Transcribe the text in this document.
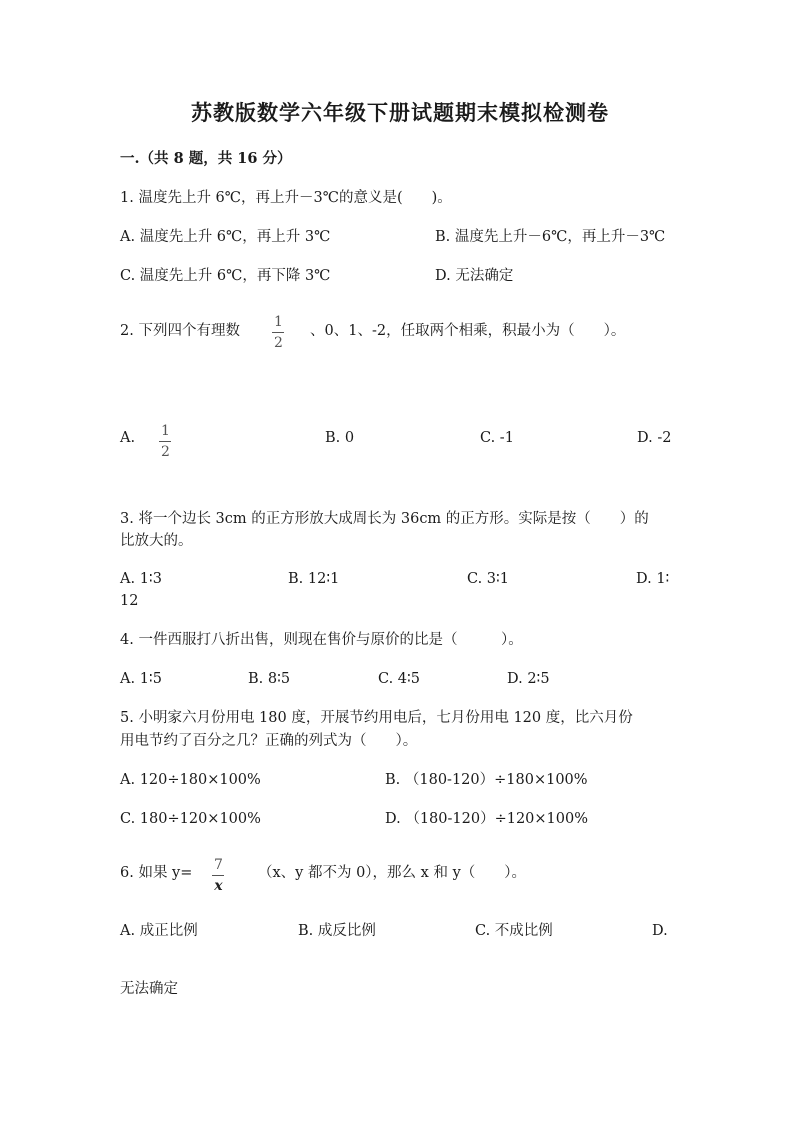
苏教版数学六年级下册试题期末模拟检测卷
一.（共 8 题，共 16 分）
1. 温度先上升 6℃，再上升－3℃的意义是(　　)。
A. 温度先上升 6℃，再上升 3℃	B. 温度先上升－6℃，再上升－3℃
C. 温度先上升 6℃，再下降 3℃	D. 无法确定
2. 下列四个有理数
1
2
、0、1、-2，任取两个相乘，积最小为（　　）。
A. 1
2
B. 0	C. -1	D. -2
3. 将一个边长 3cm 的正方形放大成周长为 36cm 的正方形。实际是按（　　）的
比放大的。
A. 1∶3	B. 12∶1	C. 3∶1	D. 1∶
12
4. 一件西服打八折出售，则现在售价与原价的比是（　　　）。
A. 1∶5	B. 8∶5	C. 4∶5	D. 2∶5
5. 小明家六月份用电 180 度，开展节约用电后，七月份用电 120 度，比六月份
用电节约了百分之几？正确的列式为（　　）。
A. 120÷180×100%	B. （180-120）÷180×100%
C. 180÷120×100%	D. （180-120）÷120×100%
6. 如果 y= 7
x
（x、y 都不为 0），那么 x 和 y（　　）。
A. 成正比例	B. 成反比例	C. 不成比例	D.
无法确定
